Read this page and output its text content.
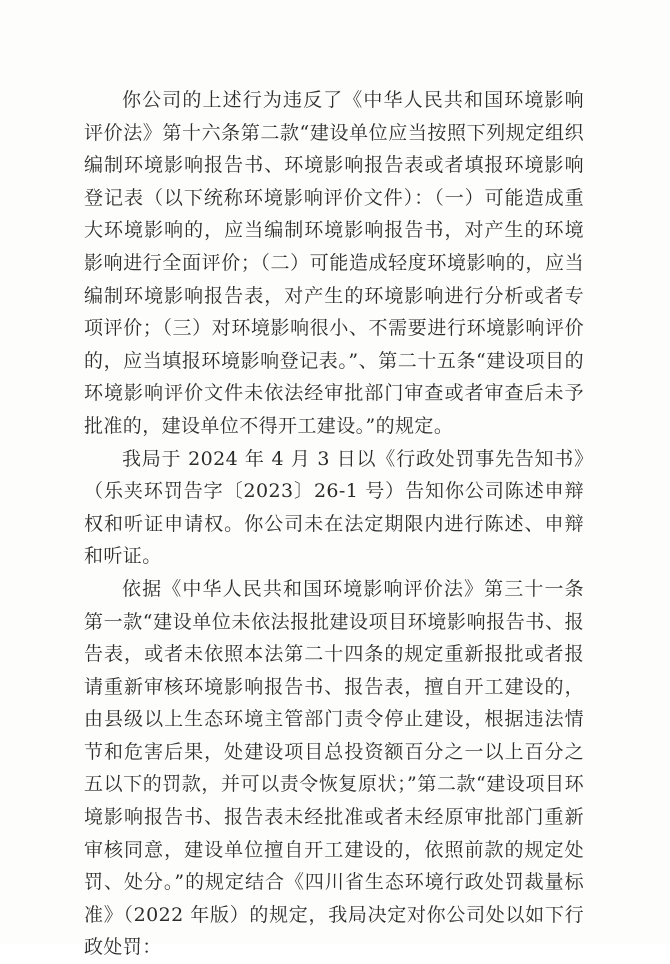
你公司的上述行为违反了《中华人民共和国环境影响评价法》第十六条第二款“建设单位应当按照下列规定组织编制环境影响报告书、环境影响报告表或者填报环境影响登记表（以下统称环境影响评价文件）：（一）可能造成重大环境影响的，应当编制环境影响报告书，对产生的环境影响进行全面评价；（二）可能造成轻度环境影响的，应当编制环境影响报告表，对产生的环境影响进行分析或者专项评价；（三）对环境影响很小、不需要进行环境影响评价的，应当填报环境影响登记表。”、第二十五条“建设项目的环境影响评价文件未依法经审批部门审查或者审查后未予批准的，建设单位不得开工建设。”的规定。

我局于 2024 年 4 月 3 日以《行政处罚事先告知书》（乐夹环罚告字〔2023〕26-1 号）告知你公司陈述申辩权和听证申请权。你公司未在法定期限内进行陈述、申辩和听证。

依据《中华人民共和国环境影响评价法》第三十一条第一款“建设单位未依法报批建设项目环境影响报告书、报告表，或者未依照本法第二十四条的规定重新报批或者报请重新审核环境影响报告书、报告表，擅自开工建设的，由县级以上生态环境主管部门责令停止建设，根据违法情节和危害后果，处建设项目总投资额百分之一以上百分之五以下的罚款，并可以责令恢复原状；”第二款“建设项目环境影响报告书、报告表未经批准或者未经原审批部门重新审核同意，建设单位擅自开工建设的，依照前款的规定处罚、处分。”的规定结合《四川省生态环境行政处罚裁量标准》（2022 年版）的规定，我局决定对你公司处以如下行政处罚：
